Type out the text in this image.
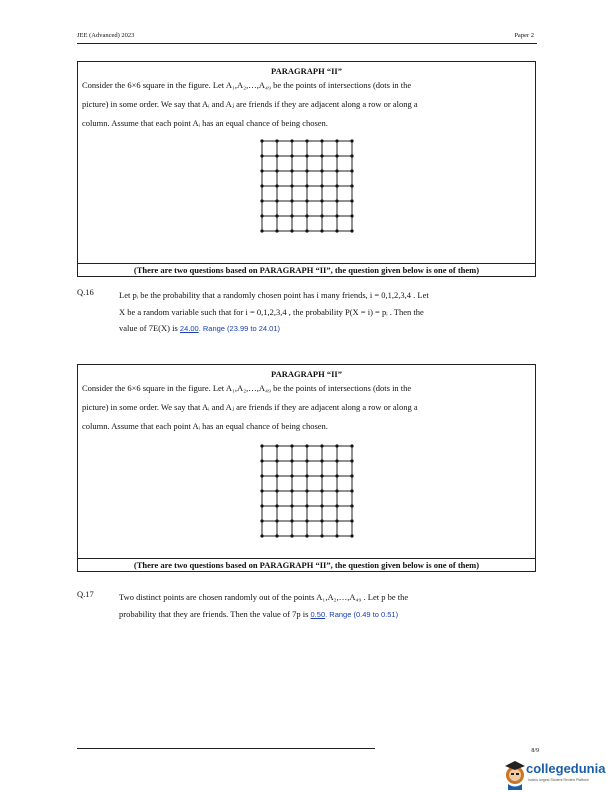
JEE (Advanced) 2023	Paper 2
PARAGRAPH “II”

Consider the 6×6 square in the figure. Let A₁,A₂,…,A₄₉ be the points of intersections (dots in the

picture) in some order. We say that Aᵢ and Aⱼ are friends if they are adjacent along a row or along a

column. Assume that each point Aᵢ has an equal chance of being chosen.

(There are two questions based on PARAGRAPH “II”, the question given below is one of them)
Q.16	Let pᵢ be the probability that a randomly chosen point has i many friends, i = 0,1,2,3,4 . Let
X be a random variable such that for i = 0,1,2,3,4 , the probability P(X = i) = pᵢ . Then the
value of 7E(X) is 24.00. Range (23.99 to 24.01)
PARAGRAPH “II”

Consider the 6×6 square in the figure. Let A₁,A₂,…,A₄₉ be the points of intersections (dots in the

picture) in some order. We say that Aᵢ and Aⱼ are friends if they are adjacent along a row or along a

column. Assume that each point Aᵢ has an equal chance of being chosen.

(There are two questions based on PARAGRAPH “II”, the question given below is one of them)
Q.17	Two distinct points are chosen randomly out of the points A₁,A₂,…,A₄₉ . Let p be the
probability that they are friends. Then the value of 7p is 0.50. Range (0.49 to 0.51)
8/9
collegedunia
India's largest Student Review Platform
